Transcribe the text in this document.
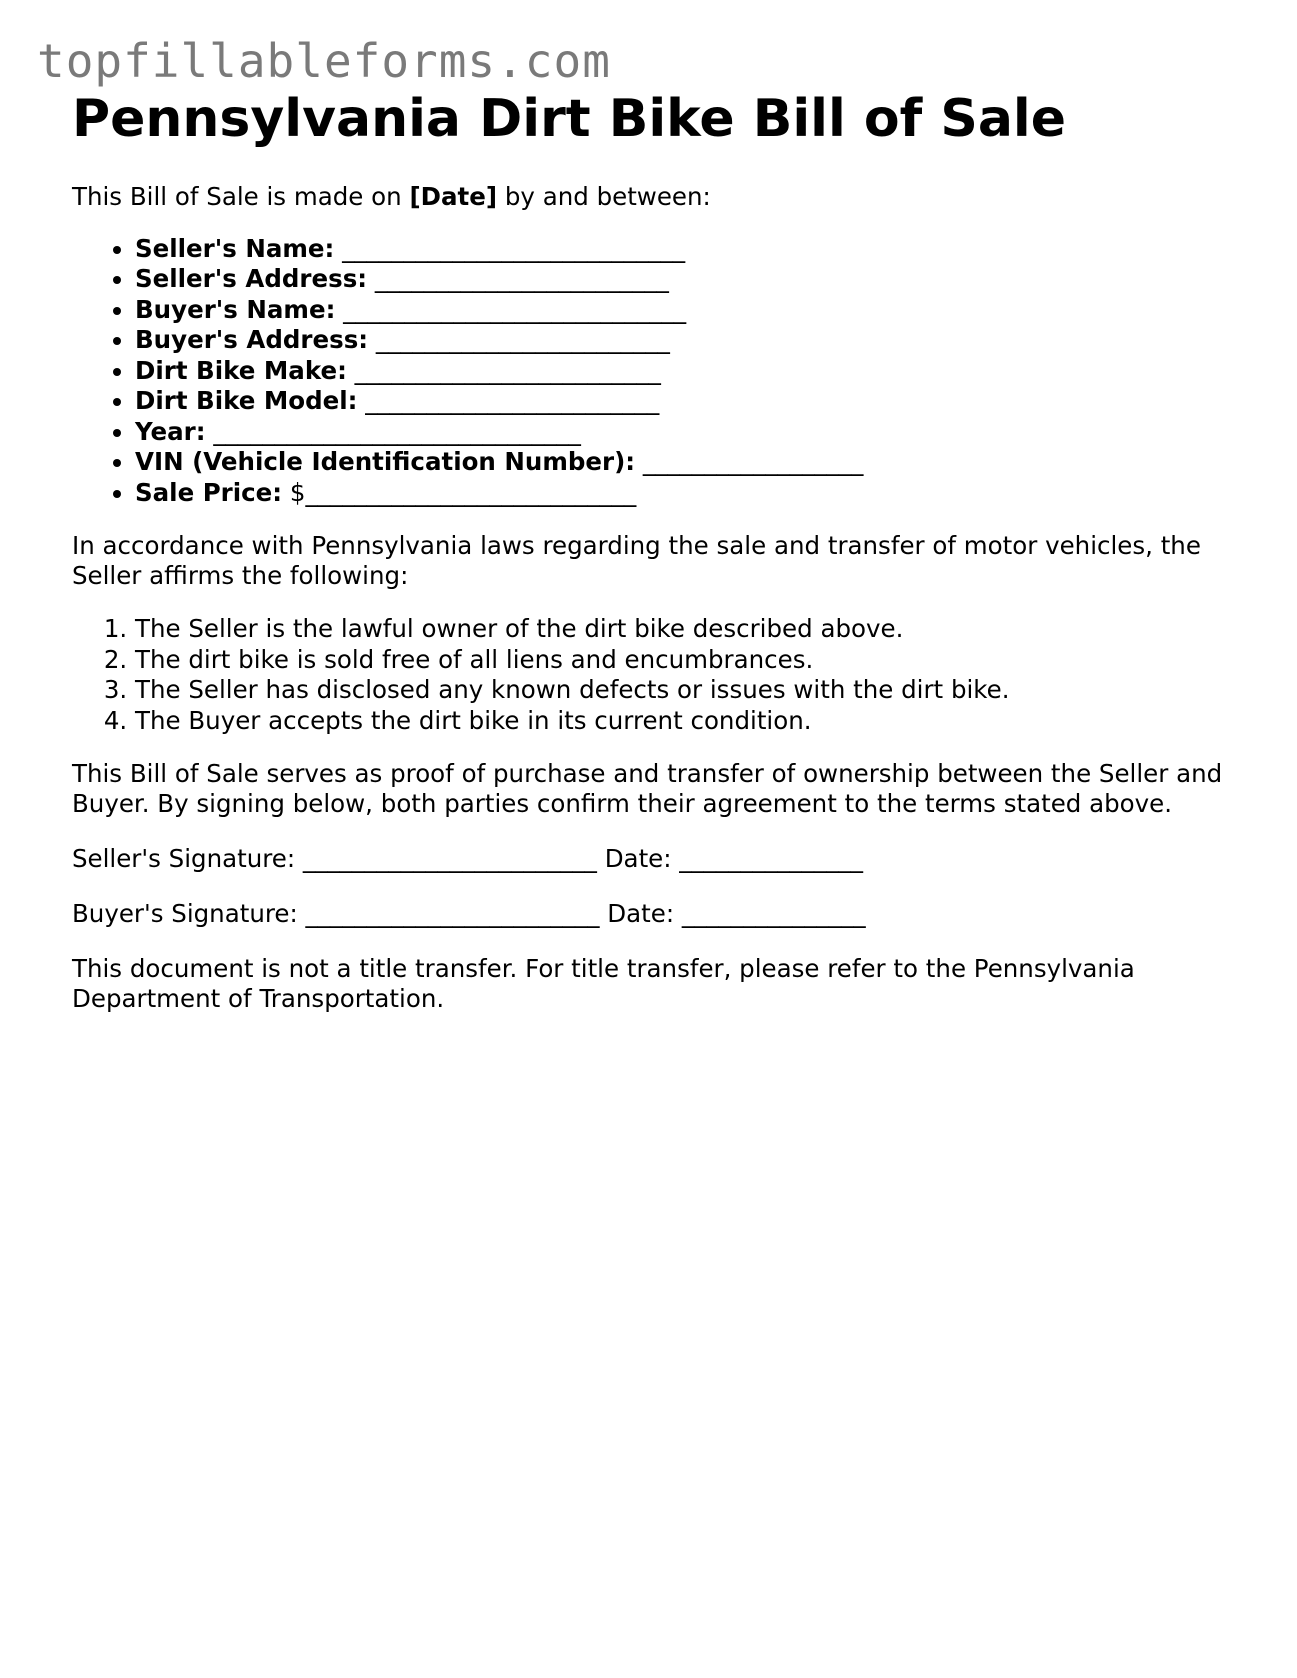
topfillableforms.com
Pennsylvania Dirt Bike Bill of Sale

This Bill of Sale is made on [Date] by and between:

• Seller's Name: ____________________________
• Seller's Address: ________________________
• Buyer's Name: ____________________________
• Buyer's Address: ________________________
• Dirt Bike Make: _________________________
• Dirt Bike Model: ________________________
• Year: ______________________________
• VIN (Vehicle Identification Number): __________________
• Sale Price: $___________________________

In accordance with Pennsylvania laws regarding the sale and transfer of motor vehicles, the Seller affirms the following:

1. The Seller is the lawful owner of the dirt bike described above.
2. The dirt bike is sold free of all liens and encumbrances.
3. The Seller has disclosed any known defects or issues with the dirt bike.
4. The Buyer accepts the dirt bike in its current condition.

This Bill of Sale serves as proof of purchase and transfer of ownership between the Seller and Buyer. By signing below, both parties confirm their agreement to the terms stated above.

Seller's Signature: ________________________ Date: _______________

Buyer's Signature: ________________________ Date: _______________

This document is not a title transfer. For title transfer, please refer to the Pennsylvania Department of Transportation.
